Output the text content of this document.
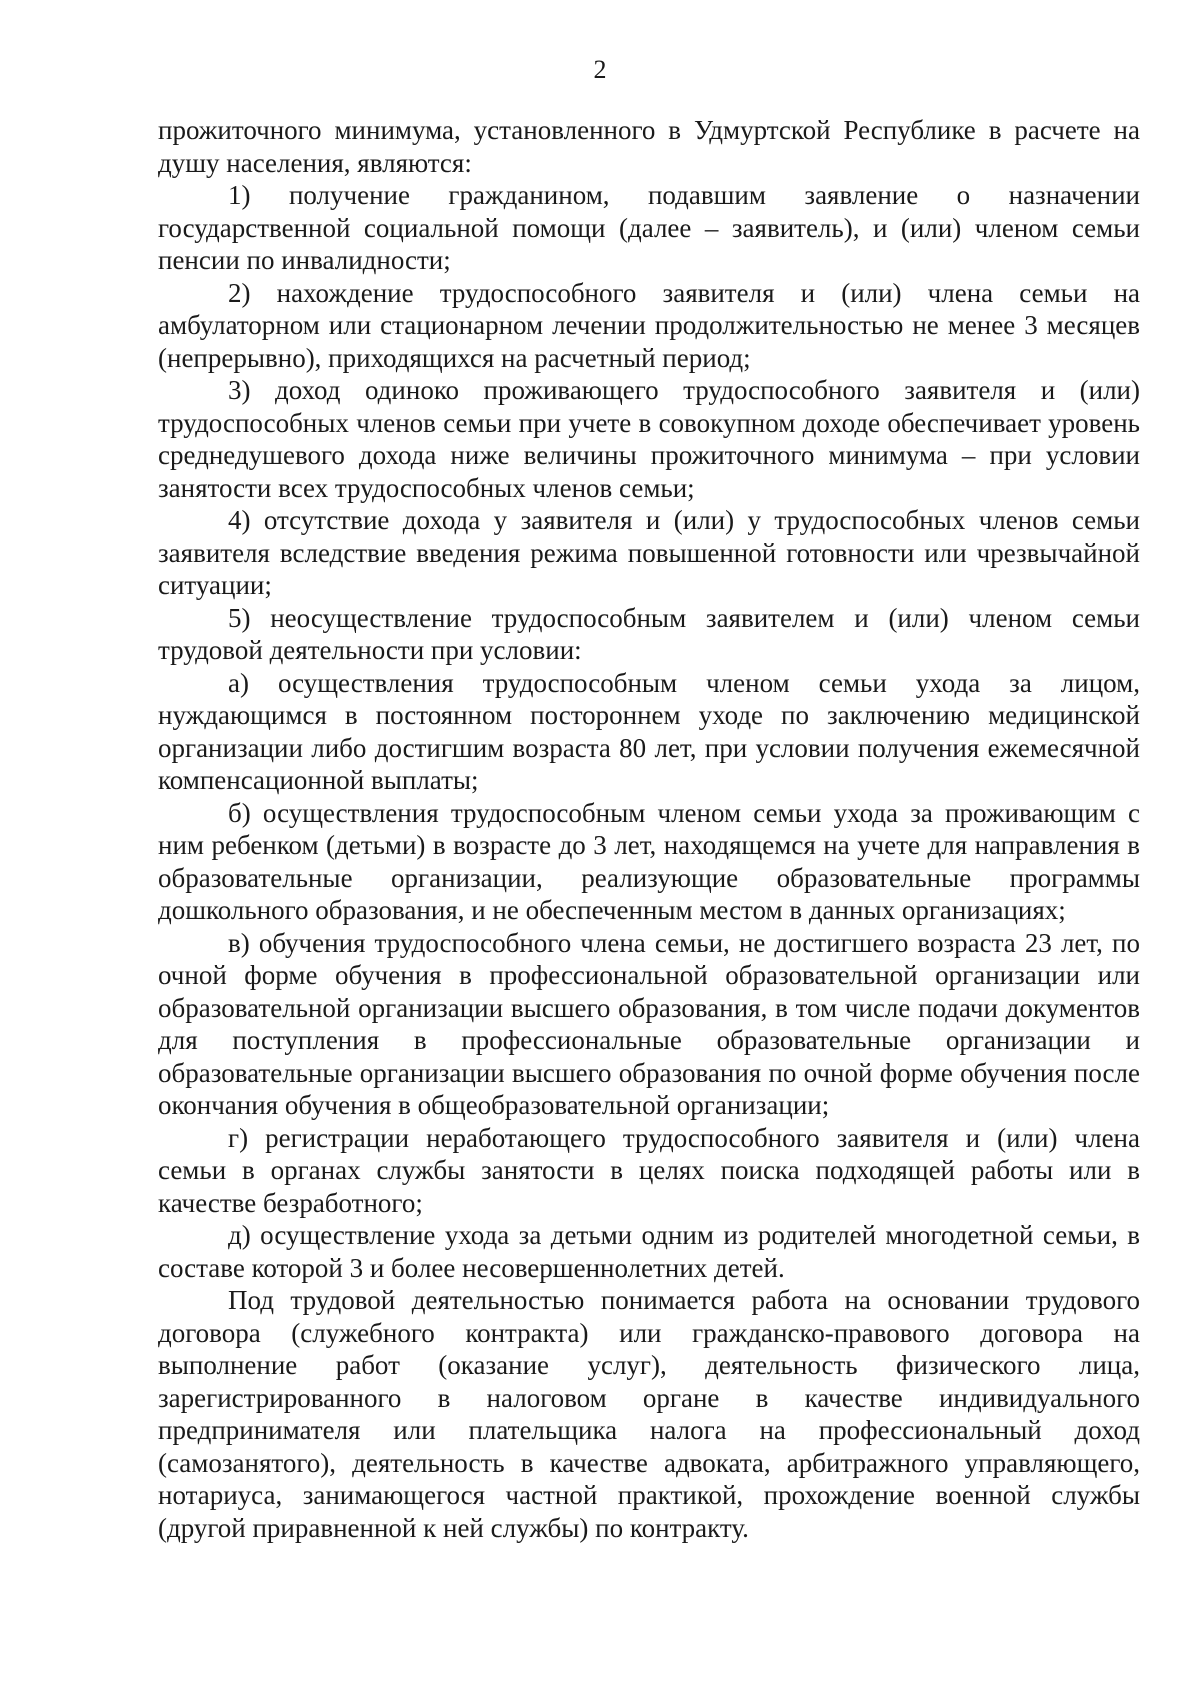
2

прожиточного минимума, установленного в Удмуртской Республике в расчете на душу населения, являются:

1) получение гражданином, подавшим заявление о назначении государственной социальной помощи (далее – заявитель), и (или) членом семьи пенсии по инвалидности;

2) нахождение трудоспособного заявителя и (или) члена семьи на амбулаторном или стационарном лечении продолжительностью не менее 3 месяцев (непрерывно), приходящихся на расчетный период;

3) доход одиноко проживающего трудоспособного заявителя и (или) трудоспособных членов семьи при учете в совокупном доходе обеспечивает уровень среднедушевого дохода ниже величины прожиточного минимума – при условии занятости всех трудоспособных членов семьи;

4) отсутствие дохода у заявителя и (или) у трудоспособных членов семьи заявителя вследствие введения режима повышенной готовности или чрезвычайной ситуации;

5) неосуществление трудоспособным заявителем и (или) членом семьи трудовой деятельности при условии:

а) осуществления трудоспособным членом семьи ухода за лицом, нуждающимся в постоянном постороннем уходе по заключению медицинской организации либо достигшим возраста 80 лет, при условии получения ежемесячной компенсационной выплаты;

б) осуществления трудоспособным членом семьи ухода за проживающим с ним ребенком (детьми) в возрасте до 3 лет, находящемся на учете для направления в образовательные организации, реализующие образовательные программы дошкольного образования, и не обеспеченным местом в данных организациях;

в) обучения трудоспособного члена семьи, не достигшего возраста 23 лет, по очной форме обучения в профессиональной образовательной организации или образовательной организации высшего образования, в том числе подачи документов для поступления в профессиональные образовательные организации и образовательные организации высшего образования по очной форме обучения после окончания обучения в общеобразовательной организации;

г) регистрации неработающего трудоспособного заявителя и (или) члена семьи в органах службы занятости в целях поиска подходящей работы или в качестве безработного;

д) осуществление ухода за детьми одним из родителей многодетной семьи, в составе которой 3 и более несовершеннолетних детей.

Под трудовой деятельностью понимается работа на основании трудового договора (служебного контракта) или гражданско-правового договора на выполнение работ (оказание услуг), деятельность физического лица, зарегистрированного в налоговом органе в качестве индивидуального предпринимателя или плательщика налога на профессиональный доход (самозанятого), деятельность в качестве адвоката, арбитражного управляющего, нотариуса, занимающегося частной практикой, прохождение военной службы (другой приравненной к ней службы) по контракту.
